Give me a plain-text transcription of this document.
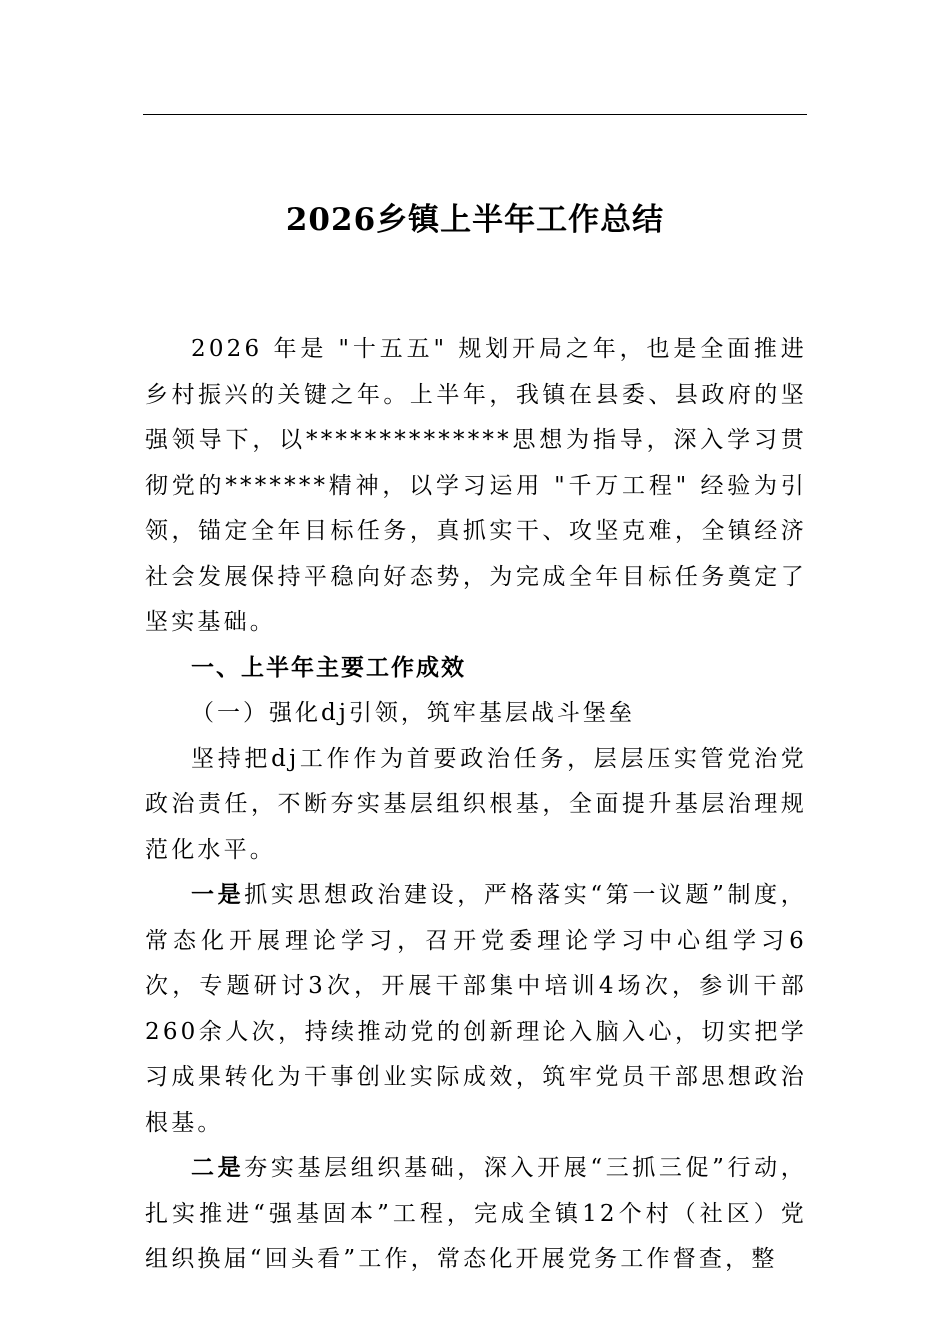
2026乡镇上半年工作总结

2026 年是 "十五五" 规划开局之年，也是全面推进乡村振兴的关键之年。上半年，我镇在县委、县政府的坚强领导下，以**************思想为指导，深入学习贯彻党的*******精神，以学习运用 "千万工程" 经验为引领，锚定全年目标任务，真抓实干、攻坚克难，全镇经济社会发展保持平稳向好态势，为完成全年目标任务奠定了坚实基础。

一、上半年主要工作成效

（一）强化dj引领，筑牢基层战斗堡垒

坚持把dj工作作为首要政治任务，层层压实管党治党政治责任，不断夯实基层组织根基，全面提升基层治理规范化水平。

一是抓实思想政治建设，严格落实“第一议题”制度，常态化开展理论学习，召开党委理论学习中心组学习6次，专题研讨3次，开展干部集中培训4场次，参训干部260余人次，持续推动党的创新理论入脑入心，切实把学习成果转化为干事创业实际成效，筑牢党员干部思想政治根基。

二是夯实基层组织基础，深入开展“三抓三促”行动，扎实推进“强基固本”工程，完成全镇12个村（社区）党组织换届“回头看”工作，常态化开展党务工作督查，整
